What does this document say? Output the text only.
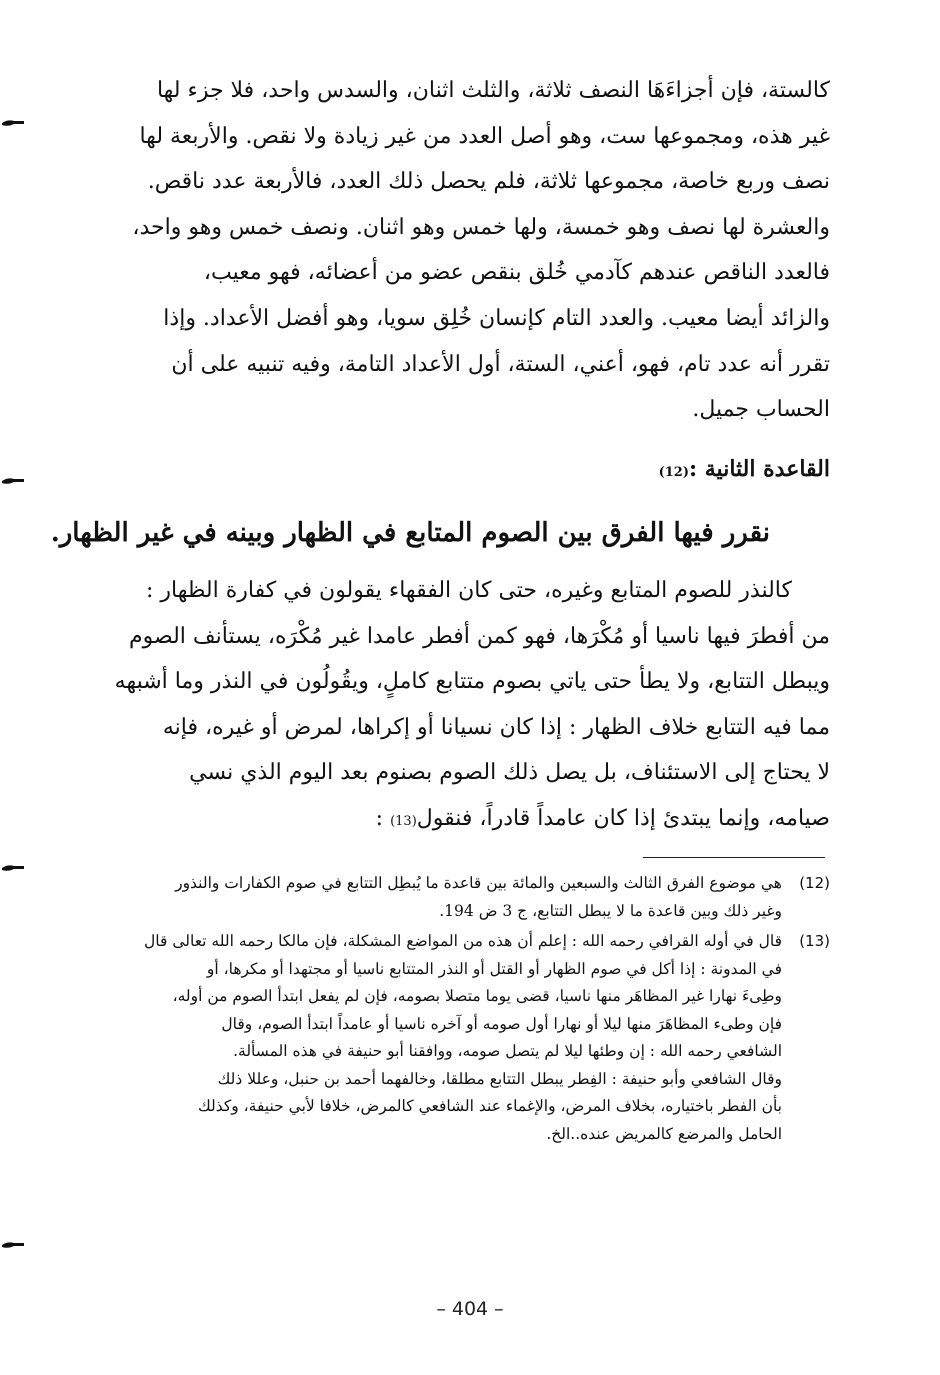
كالستة، فإن أجزاءَهَا النصف ثلاثة، والثلث اثنان، والسدس واحد، فلا جزء لها
غير هذه، ومجموعها ست، وهو أصل العدد من غير زيادة ولا نقص. والأربعة لها
نصف وربع خاصة، مجموعها ثلاثة، فلم يحصل ذلك العدد، فالأربعة عدد ناقص.
والعشرة لها نصف وهو خمسة، ولها خمس وهو اثنان. ونصف خمس وهو واحد،
فالعدد الناقص عندهم كآدمي خُلق بنقص عضو من أعضائه، فهو معيب،
والزائد أيضا معيب. والعدد التام كإنسان خُلِق سويا، وهو أفضل الأعداد. وإذا
تقرر أنه عدد تام، فهو، أعني، الستة، أول الأعداد التامة، وفيه تنبيه على أن
الحساب جميل.
القاعدة الثانية :(12)
نقرر فيها الفرق بين الصوم المتابع في الظهار وبينه في غير الظهار.
كالنذر للصوم المتابع وغيره، حتى كان الفقهاء يقولون في كفارة الظهار :
من أفطرَ فيها ناسيا أو مُكْرَها، فهو كمن أفطر عامدا غير مُكْرَه، يستأنف الصوم
ويبطل التتابع، ولا يطأ حتى ياتي بصوم متتابع كاملٍ، ويقُولُون في النذر وما أشبهه
مما فيه التتابع خلاف الظهار : إذا كان نسيانا أو إكراها، لمرض أو غيره، فإنه
لا يحتاج إلى الاستئناف، بل يصل ذلك الصوم بصنوم بعد اليوم الذي نسي
صيامه، وإنما يبتدئ إذا كان عامداً قادراً، فنقول(13) :
(12)
هي موضوع الفرق الثالث والسبعين والمائة بين قاعدة ما يُبطِل التتابع في صوم الكفارات والنذور
وغير ذلك وبين قاعدة ما لا يبطل التتابع، ج 3 ض 194.
(13)
قال في أوله القرافي رحمه الله : إعلم أن هذه من المواضع المشكلة، فإن مالكا رحمه الله تعالى قال
في المدونة : إذا أكل في صوم الظهار أو القتل أو النذر المتتابع ناسيا أو مجتهدا أو مكرها، أو
وطِىءَ نهارا غير المظاهَر منها ناسيا، قضى يوما متصلا بصومه، فإن لم يفعل ابتدأ الصوم من أوله،
فإن وطىء المظاهَرَ منها ليلا أو نهارا أول صومه أو آخره ناسيا أو عامداً ابتدأ الصوم، وقال
الشافعي رحمه الله : إن وطئها ليلا لم يتصل صومه، ووافقنا أبو حنيفة في هذه المسألة.
وقال الشافعي وأبو حنيفة : الفِطر يبطل التتابع مطلقا، وخالفهما أحمد بن حنبل، وعللا ذلك
بأن الفطر باختياره، بخلاف المرض، والإغماء عند الشافعي كالمرض، خلافا لأبي حنيفة، وكذلك
الحامل والمرضع كالمريض عنده..الخ.
– 404 –
